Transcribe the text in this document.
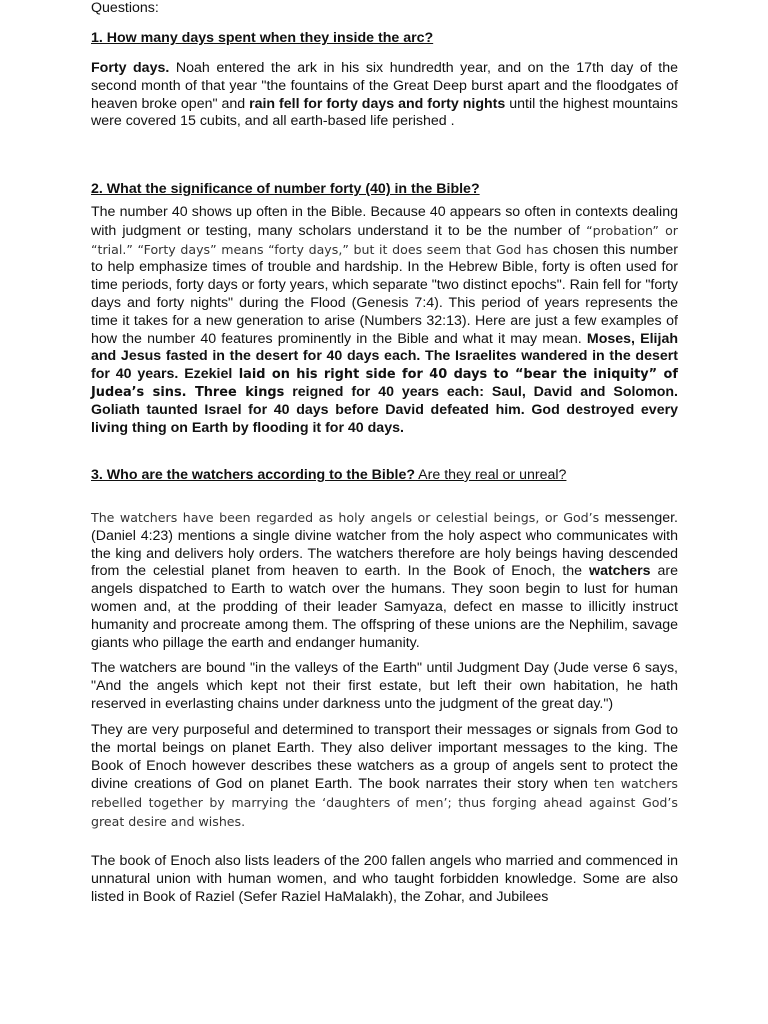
Questions:

1. How many days spent when they inside the arc?

Forty days. Noah entered the ark in his six hundredth year, and on the 17th day of the second month of that year "the fountains of the Great Deep burst apart and the floodgates of heaven broke open" and rain fell for forty days and forty nights until the highest mountains were covered 15 cubits, and all earth-based life perished .

2. What the significance of number forty (40) in the Bible?

The number 40 shows up often in the Bible. Because 40 appears so often in contexts dealing with judgment or testing, many scholars understand it to be the number of “probation” or “trial.” “Forty days” means “forty days,” but it does seem that God has chosen this number to help emphasize times of trouble and hardship. In the Hebrew Bible, forty is often used for time periods, forty days or forty years, which separate "two distinct epochs". Rain fell for "forty days and forty nights" during the Flood (Genesis 7:4). This period of years represents the time it takes for a new generation to arise (Numbers 32:13). Here are just a few examples of how the number 40 features prominently in the Bible and what it may mean. Moses, Elijah and Jesus fasted in the desert for 40 days each. The Israelites wandered in the desert for 40 years. Ezekiel laid on his right side for 40 days to “bear the iniquity” of Judea’s sins. Three kings reigned for 40 years each: Saul, David and Solomon. Goliath taunted Israel for 40 days before David defeated him. God destroyed every living thing on Earth by flooding it for 40 days.

3. Who are the watchers according to the Bible? Are they real or unreal?

The watchers have been regarded as holy angels or celestial beings, or God’s messenger. (Daniel 4:23) mentions a single divine watcher from the holy aspect who communicates with the king and delivers holy orders. The watchers therefore are holy beings having descended from the celestial planet from heaven to earth. In the Book of Enoch, the watchers are angels dispatched to Earth to watch over the humans. They soon begin to lust for human women and, at the prodding of their leader Samyaza, defect en masse to illicitly instruct humanity and procreate among them. The offspring of these unions are the Nephilim, savage giants who pillage the earth and endanger humanity.

The watchers are bound "in the valleys of the Earth" until Judgment Day (Jude verse 6 says, "And the angels which kept not their first estate, but left their own habitation, he hath reserved in everlasting chains under darkness unto the judgment of the great day.")

They are very purposeful and determined to transport their messages or signals from God to the mortal beings on planet Earth. They also deliver important messages to the king. The Book of Enoch however describes these watchers as a group of angels sent to protect the divine creations of God on planet Earth. The book narrates their story when ten watchers rebelled together by marrying the ‘daughters of men’; thus forging ahead against God’s great desire and wishes.

The book of Enoch also lists leaders of the 200 fallen angels who married and commenced in unnatural union with human women, and who taught forbidden knowledge. Some are also listed in Book of Raziel (Sefer Raziel HaMalakh), the Zohar, and Jubilees
